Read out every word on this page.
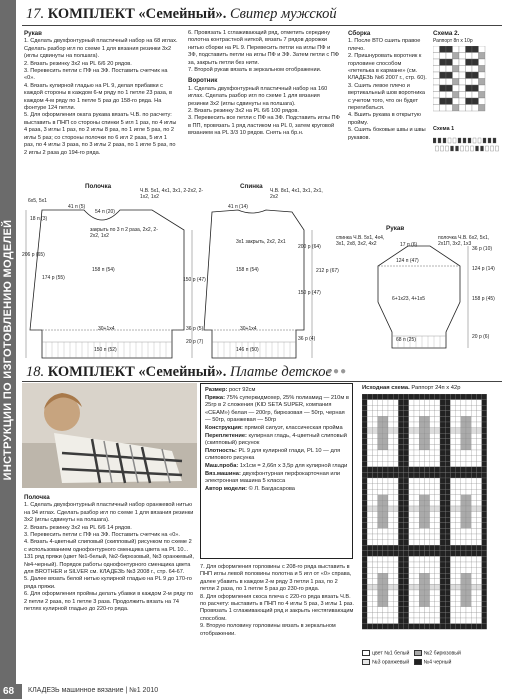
ИНСТРУКЦИИ ПО ИЗГОТОВЛЕНИЮ МОДЕЛЕЙ
17. КОМПЛЕКТ «Семейный». Свитер мужской
Рукав

1. Сделать двухфонтурный пластичный набор на 68 иглах. Сделать разбор игл по схеме 1 для вязания резинки 3х2 (иглы сдвинуты на полшага).

2. Вязать резинку 3х2 на PL 6/6 20 рядов.

3. Перевесить петли с ПФ на ЗФ. Поставить счетчик на «0».

4. Вязать кулирной гладью на PL 9, делая прибавки с каждой стороны в каждом 6-м ряду по 1 петле 23 раза, в каждом 4-м ряду по 1 петле 5 раз до 158-го ряда. На фонтуре 124 петли.

5. Для оформления оката рукава вязать Ч.В. по расчету: выставить в ПНП со стороны спинки 5 игл 1 раз, по 4 иглы 4 раза, 3 иглы 1 раз, по 2 иглы 8 раз, по 1 игле 5 раз, по 2 иглы 5 раз; со стороны полочки по 6 игл 2 раза, 5 игл 1 раз, по 4 иглы 3 раза, по 3 иглы 2 раза, по 1 игле 5 раз, по 2 иглы 2 раза до 194-го ряда.

6. Провязать 1 сглаживающий ряд, отметить середину полотна контрастной ниткой, вязать 7 рядов дорожки нитью сборки на PL 9. Перевесить петли на иглы ПФ и ЗФ, подставить петли на иглы ПФ и ЗФ. Затем петли с ПФ за, закрыть петли без нити.

7. Второй рукав вязать в зеркальном отображении.

Воротник

1. Сделать двухфонтурный пластичный набор на 160 иглах. Сделать разбор игл по схеме 1 для вязания резинки 3х2 (иглы сдвинуты на полшага).

2. Вязать резинку 3х2 на PL 6/6 100 рядов.

3. Перевесить все петли с ПФ на ЗФ. Подставить иглы ПФ в ПП, провязать 1 ряд ластиком на PL 0, затем круговой вязанием на PL 3/3 10 рядов. Снять на бр.н.

Сборка

1. После ВТО сшить правое плечо.

2. Пришнуровать воротник к горловине способом «петелька в кармане» (см. КЛАДЕЗЬ №6 2007 г., стр. 60).

3. Сшить левое плечо и вертикальный шов воротника с учетом того, что он будет перегибаться.

4. Вшить рукава в открытую пройму.

5. Сшить боковые швы и швы рукавов.

Схема 2.
Раппорт 8п х 10р
Схема 1
Полочка
41 п (5)
54 п (20)
Ч.В. 5х1, 4х1, 3х1, 2-2х2, 2-1х2, 1х2
6х5, 5х1
18 п (3)
закрыть по 3 п 2 раза, 2х2, 2-2х2, 1х2
158 п (54)
30+1х4
150 п (52)
206 р (65)
174 р (55)	150 р (47)
36 р (5)
20 р (7)
Спинка
41 п (14)
Ч.В. 8х1, 4х1, 3х1, 2х1, 2х2
3х1 закрыть, 2х2, 2х1
158 п (54)
30+1х4
146 п (50)
200 р (64)
212 р (67)
150 р (47)
36 р (4)
Рукав
17 п (6)
спинка Ч.В. 5х1, 4х4, 3х1, 2х8, 3х2, 4х2
полочка Ч.В. 6х2, 5х1, 2х1П, 3х2, 1х3
124 п (47)
6+1х23, 4+1х5
68 п (25)
36 р (10)
124 р (14)
158 р (45)
20 р (6)
18. КОМПЛЕКТ «Семейный». Платье детское
●●●

Размер: рост 92см

Пряжа: 75% суперкидмохер, 25% полиамид — 210м в 25гр в 2 сложения (KID SETA SUPER, компания «СЕАМ») белая — 200гр, бирюзовая — 50гр, черная — 50гр, оранжевая — 50гр

Конструкция: прямой силуэт, классическая пройма

Переплетение: кулирная гладь, 4-цветный слиповый (скипповый) рисунок

Плотность: PL 9 для кулирной глади, PL 10 — для слипового рисунка

Маш.проба: 1х1см = 2,66п х 3,5р для кулирной глади

Вяз.машина: двухфонтурная перфокарточная или электронная машина 5 класса

Автор модели: © Л. Багдасарова

Полочка

1. Сделать двухфонтурный пластичный набор оранжевой нитью на 94 иглах. Сделать разбор игл по схеме 1 для вязания резинки 3х2 (иглы сдвинуты на полшага).

2. Вязать резинку 3х2 на PL 6/6 14 рядов.

3. Перевесить петли с ПФ на ЗФ. Поставить счетчик на «0».

4. Вязать 4-цветный слиповый (скипповый) рисунком по схеме 2 с использованием однофонтурного сменщика цвета на PL 10... 131 ряд пряжи (цвет №1-белый, №2-бирюзовый, №3 оранжевый, №4-черный). Порядок работы однофонтурного сменщика цвета для BROTHER и SILVER см. КЛАДЕЗЬ №3 2008 г., стр. 64-67.

5. Далее вязать белой нитью кулирной гладью на PL 9 до 170-го ряда пряжи.

6. Для оформления проймы делать убавки в каждом 2-м ряду по 2 петли 2 раза, по 1 петле 3 раза. Продолжить вязать на 74 петлях кулирной гладью до 220-го ряда.

7. Для оформления горловины с 208-го ряда выставить в ПНП иглы левой половины полотна и 5 игл от «0» справа, далее убавить в каждом 2-м ряду 3 петли 1 раз, по 2 петли 2 раза, по 1 петле 5 раз до 230-го ряда.

8. Для оформления скоса плеча с 220-го ряда вязать Ч.В. по расчету: выставить в ПНП по 4 иглы 5 раз, 3 иглы 1 раз. Провязать 1 сглаживающий ряд и закрыть нестягивающим способом.

9. Вторую половину горловины вязать в зеркальном отображении.

Исходная схема. Раппорт 24п х 42р
цвет №1 белый	№2 бирюзовый
№3 оранжевый	№4 черный
68	КЛАДЕЗЬ машинное вязание | №1 2010
